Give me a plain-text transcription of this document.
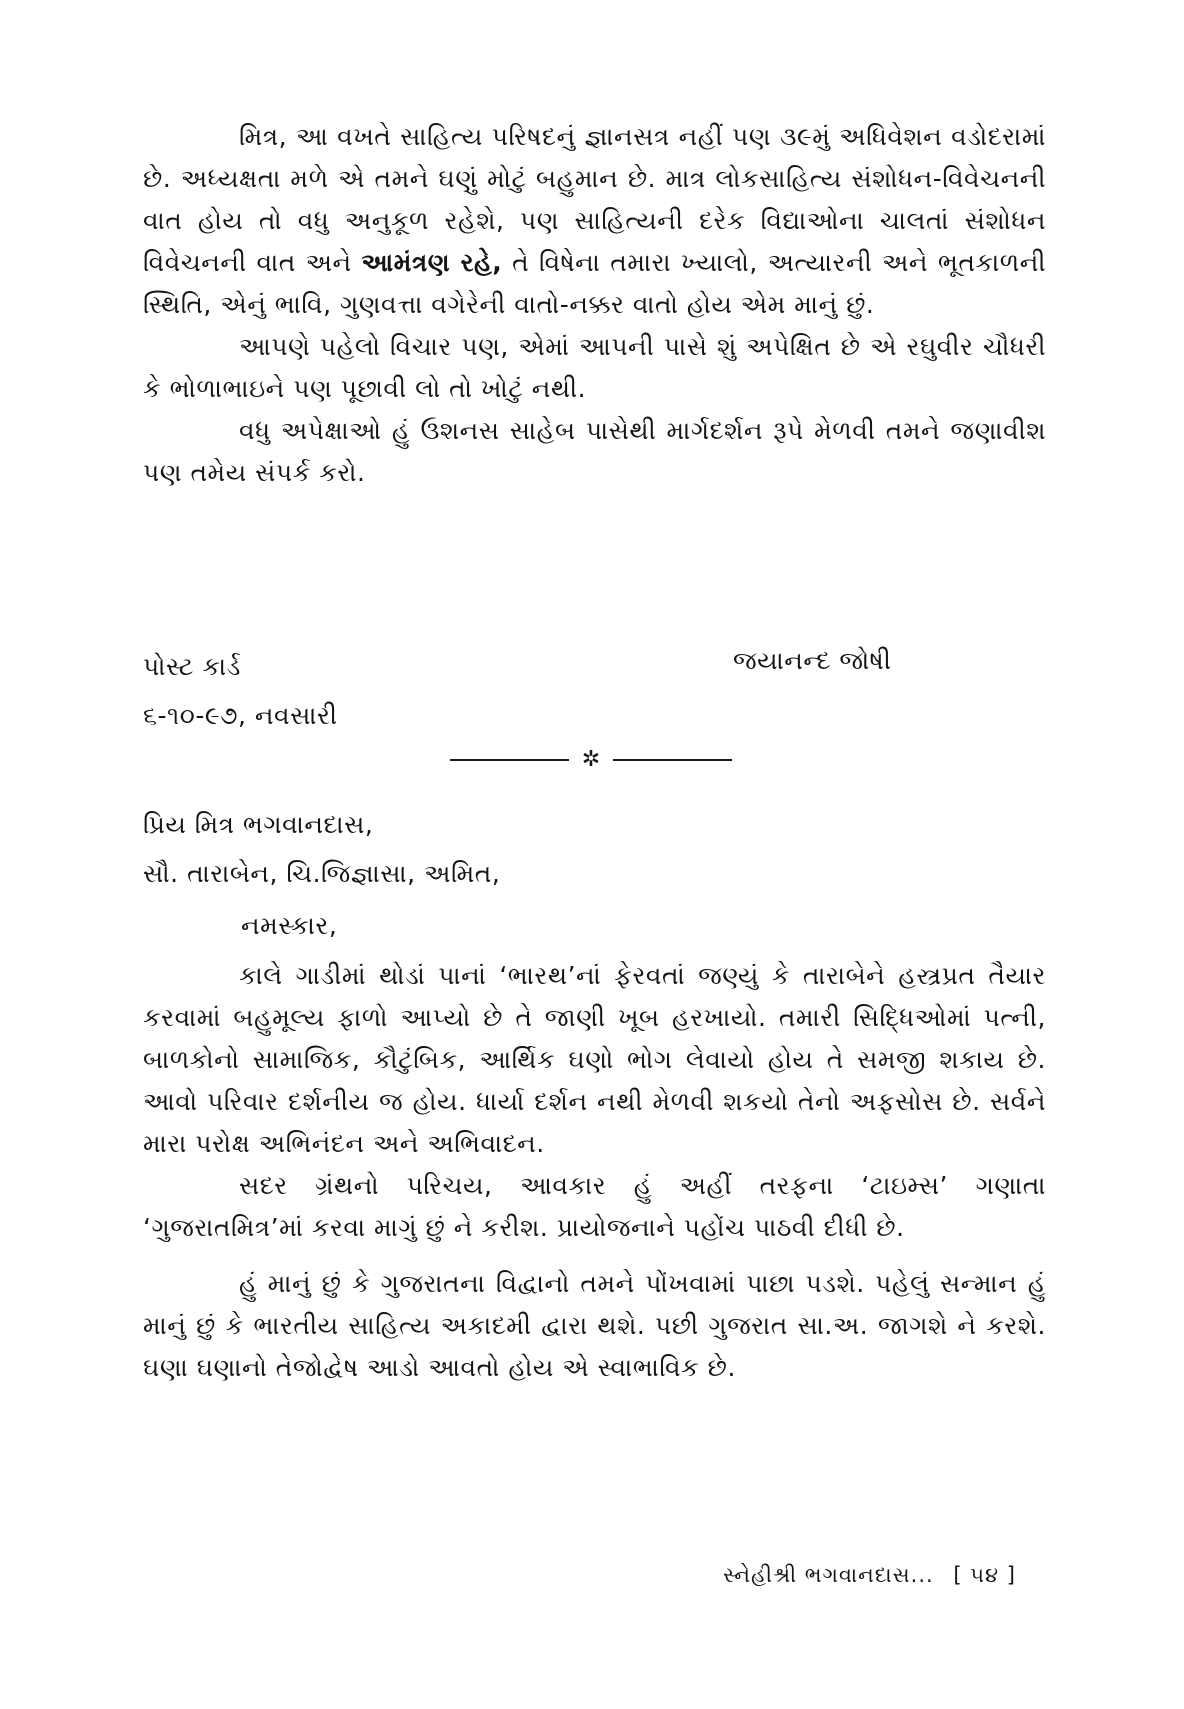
મિત્ર, આ વખતે સાહિત્ય પરિષદનું જ્ઞાનસત્ર નહીં પણ ૩૯મું અધિવેશન વડોદરામાં છે. અધ્યક્ષતા મળે એ તમને ઘણું મોટું બહુમાન છે. માત્ર લોકસાહિત્ય સંશોધન-વિવેચનની વાત હોય તો વધુ અનુકૂળ રહેશે, પણ સાહિત્યની દરેક વિદ્યાઓના ચાલતાં સંશોધન વિવેચનની વાત અને આમંત્રણ રહે, તે વિષેના તમારા ખ્યાલો, અત્યારની અને ભૂતકાળની સ્થિતિ, એનું ભાવિ, ગુણવત્તા વગેરેની વાતો-નક્કર વાતો હોય એમ માનું છું.

આપણે પહેલો વિચાર પણ, એમાં આપની પાસે શું અપેક્ષિત છે એ રઘુવીર ચૌધરી કે ભોળાભાઇને પણ પૂછાવી લો તો ખોટું નથી.

વધુ અપેક્ષાઓ હું ઉશનસ સાહેબ પાસેથી માર્ગદર્શન રૂપે મેળવી તમને જણાવીશ પણ તમેય સંપર્ક કરો.

પોસ્ટ કાર્ડ	જયાનન્દ જોષી
૬-૧૦-૯૭, નવસારી
✲
પ્રિય મિત્ર ભગવાનદાસ,
સૌ. તારાબેન, ચિ.જિજ્ઞાસા, અમિત,
નમસ્કાર,

કાલે ગાડીમાં થોડાં પાનાં ‘ભારથ’નાં ફેરવતાં જણ્યું કે તારાબેને હસ્ત્રપ્રત તૈયાર કરવામાં બહુમૂલ્ય ફાળો આપ્યો છે તે જાણી ખૂબ હરખાયો. તમારી સિદ્ધિઓમાં પત્ની, બાળકોનો સામાજિક, કૌટુંબિક, આર્થિક ઘણો ભોગ લેવાયો હોય તે સમજી શકાય છે. આવો પરિવાર દર્શનીય જ હોય. ધાર્યા દર્શન નથી મેળવી શકયો તેનો અફસોસ છે. સર્વને મારા પરોક્ષ અભિનંદન અને અભિવાદન.

સદર ગ્રંથનો પરિચય, આવકાર હું અહીં તરફના ‘ટાઇમ્સ’ ગણાતા ‘ગુજરાતમિત્ર’માં કરવા માગું છું ને કરીશ. પ્રાયોજનાને પહોંચ પાઠવી દીધી છે.

હું માનું છું કે ગુજરાતના વિદ્વાનો તમને પોંખવામાં પાછા પડશે. પહેલું સન્માન હું માનું છું કે ભારતીય સાહિત્ય અકાદમી દ્વારા થશે. પછી ગુજરાત સા.અ. જાગશે ને કરશે. ઘણા ઘણાનો તેજોદ્વેષ આડો આવતો હોય એ સ્વાભાવિક છે.

સ્નેહીશ્રી ભગવાનદાસ... [ ૫૪ ]
